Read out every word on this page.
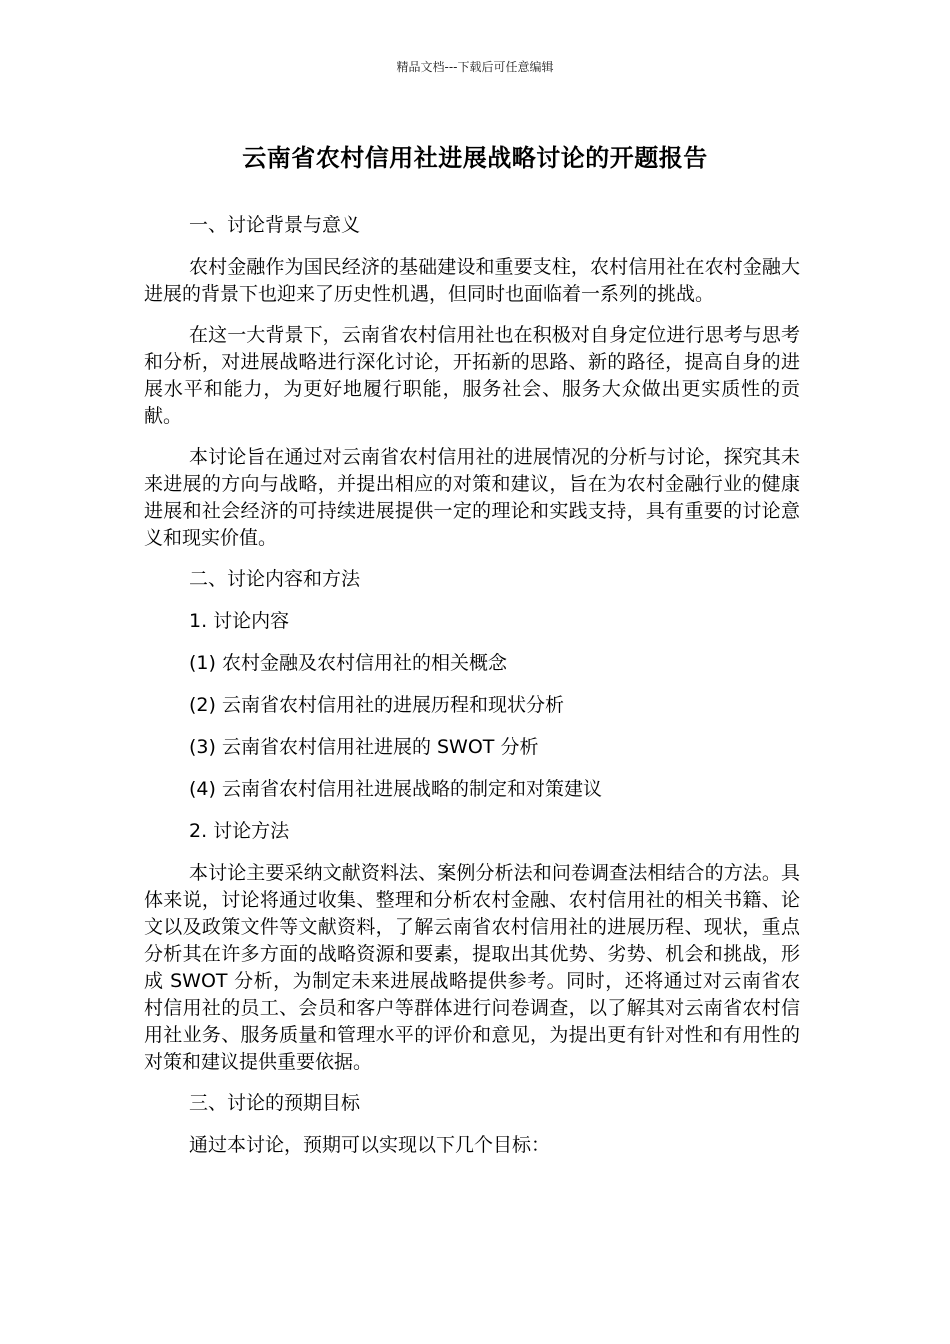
精品文档---下载后可任意编辑
云南省农村信用社进展战略讨论的开题报告

一、讨论背景与意义

农村金融作为国民经济的基础建设和重要支柱，农村信用社在农村金融大进展的背景下也迎来了历史性机遇，但同时也面临着一系列的挑战。

在这一大背景下，云南省农村信用社也在积极对自身定位进行思考与思考和分析，对进展战略进行深化讨论，开拓新的思路、新的路径，提高自身的进展水平和能力，为更好地履行职能，服务社会、服务大众做出更实质性的贡献。

本讨论旨在通过对云南省农村信用社的进展情况的分析与讨论，探究其未来进展的方向与战略，并提出相应的对策和建议，旨在为农村金融行业的健康进展和社会经济的可持续进展提供一定的理论和实践支持，具有重要的讨论意义和现实价值。

二、讨论内容和方法

1. 讨论内容

(1) 农村金融及农村信用社的相关概念

(2) 云南省农村信用社的进展历程和现状分析

(3) 云南省农村信用社进展的 SWOT 分析

(4) 云南省农村信用社进展战略的制定和对策建议

2. 讨论方法

本讨论主要采纳文献资料法、案例分析法和问卷调查法相结合的方法。具体来说，讨论将通过收集、整理和分析农村金融、农村信用社的相关书籍、论文以及政策文件等文献资料，了解云南省农村信用社的进展历程、现状，重点分析其在许多方面的战略资源和要素，提取出其优势、劣势、机会和挑战，形成 SWOT 分析，为制定未来进展战略提供参考。同时，还将通过对云南省农村信用社的员工、会员和客户等群体进行问卷调查，以了解其对云南省农村信用社业务、服务质量和管理水平的评价和意见，为提出更有针对性和有用性的对策和建议提供重要依据。

三、讨论的预期目标

通过本讨论，预期可以实现以下几个目标：
